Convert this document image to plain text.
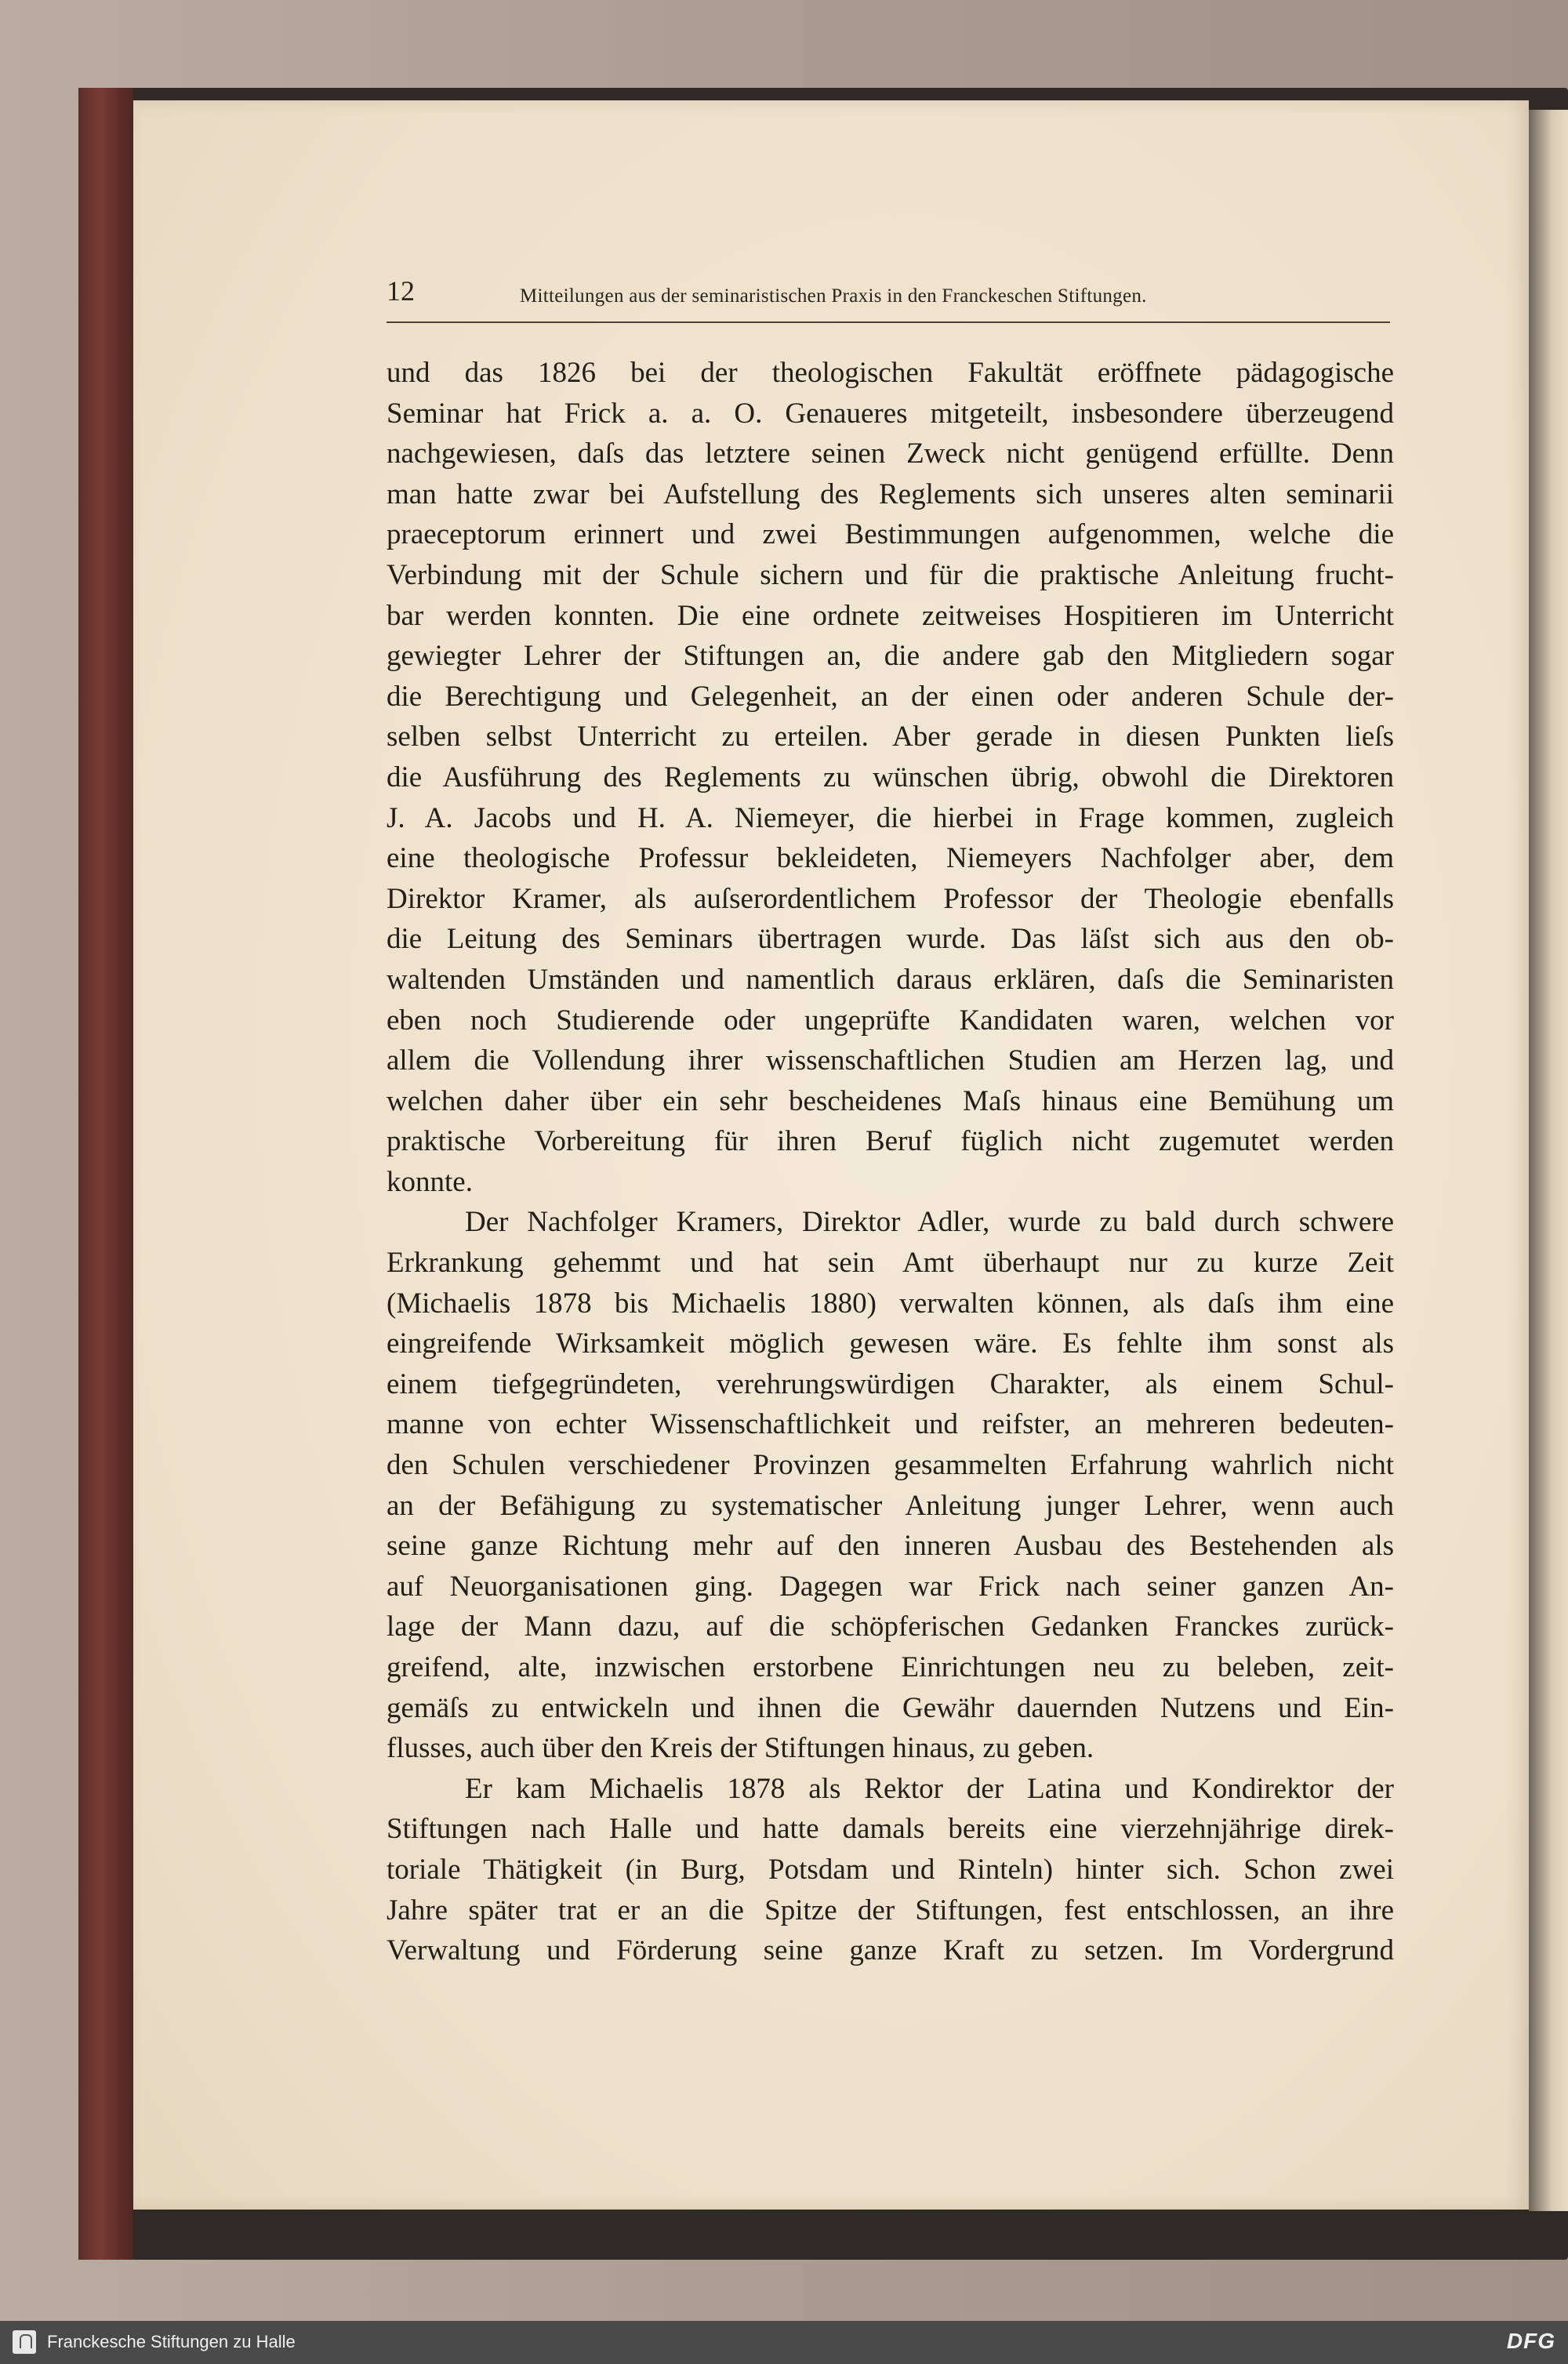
12	Mitteilungen aus der seminaristischen Praxis in den Franckeschen Stiftungen.
und das 1826 bei der theologischen Fakultät eröffnete pädagogische
Seminar hat Frick a. a. O. Genaueres mitgeteilt, insbesondere überzeugend
nachgewiesen, daſs das letztere seinen Zweck nicht genügend erfüllte. Denn
man hatte zwar bei Aufstellung des Reglements sich unseres alten seminarii
praeceptorum erinnert und zwei Bestimmungen aufgenommen, welche die
Verbindung mit der Schule sichern und für die praktische Anleitung frucht-
bar werden konnten. Die eine ordnete zeitweises Hospitieren im Unterricht
gewiegter Lehrer der Stiftungen an, die andere gab den Mitgliedern sogar
die Berechtigung und Gelegenheit, an der einen oder anderen Schule der-
selben selbst Unterricht zu erteilen. Aber gerade in diesen Punkten lieſs
die Ausführung des Reglements zu wünschen übrig, obwohl die Direktoren
J. A. Jacobs und H. A. Niemeyer, die hierbei in Frage kommen, zugleich
eine theologische Professur bekleideten, Niemeyers Nachfolger aber, dem
Direktor Kramer, als auſserordentlichem Professor der Theologie ebenfalls
die Leitung des Seminars übertragen wurde. Das läſst sich aus den ob-
waltenden Umständen und namentlich daraus erklären, daſs die Seminaristen
eben noch Studierende oder ungeprüfte Kandidaten waren, welchen vor
allem die Vollendung ihrer wissenschaftlichen Studien am Herzen lag, und
welchen daher über ein sehr bescheidenes Maſs hinaus eine Bemühung um
praktische Vorbereitung für ihren Beruf füglich nicht zugemutet werden
konnte.
Der Nachfolger Kramers, Direktor Adler, wurde zu bald durch schwere
Erkrankung gehemmt und hat sein Amt überhaupt nur zu kurze Zeit
(Michaelis 1878 bis Michaelis 1880) verwalten können, als daſs ihm eine
eingreifende Wirksamkeit möglich gewesen wäre. Es fehlte ihm sonst als
einem tiefgegründeten, verehrungswürdigen Charakter, als einem Schul-
manne von echter Wissenschaftlichkeit und reifster, an mehreren bedeuten-
den Schulen verschiedener Provinzen gesammelten Erfahrung wahrlich nicht
an der Befähigung zu systematischer Anleitung junger Lehrer, wenn auch
seine ganze Richtung mehr auf den inneren Ausbau des Bestehenden als
auf Neuorganisationen ging. Dagegen war Frick nach seiner ganzen An-
lage der Mann dazu, auf die schöpferischen Gedanken Franckes zurück-
greifend, alte, inzwischen erstorbene Einrichtungen neu zu beleben, zeit-
gemäſs zu entwickeln und ihnen die Gewähr dauernden Nutzens und Ein-
flusses, auch über den Kreis der Stiftungen hinaus, zu geben.
Er kam Michaelis 1878 als Rektor der Latina und Kondirektor der
Stiftungen nach Halle und hatte damals bereits eine vierzehnjährige direk-
toriale Thätigkeit (in Burg, Potsdam und Rinteln) hinter sich. Schon zwei
Jahre später trat er an die Spitze der Stiftungen, fest entschlossen, an ihre
Verwaltung und Förderung seine ganze Kraft zu setzen. Im Vordergrund
Franckesche Stiftungen zu Halle	DFG
